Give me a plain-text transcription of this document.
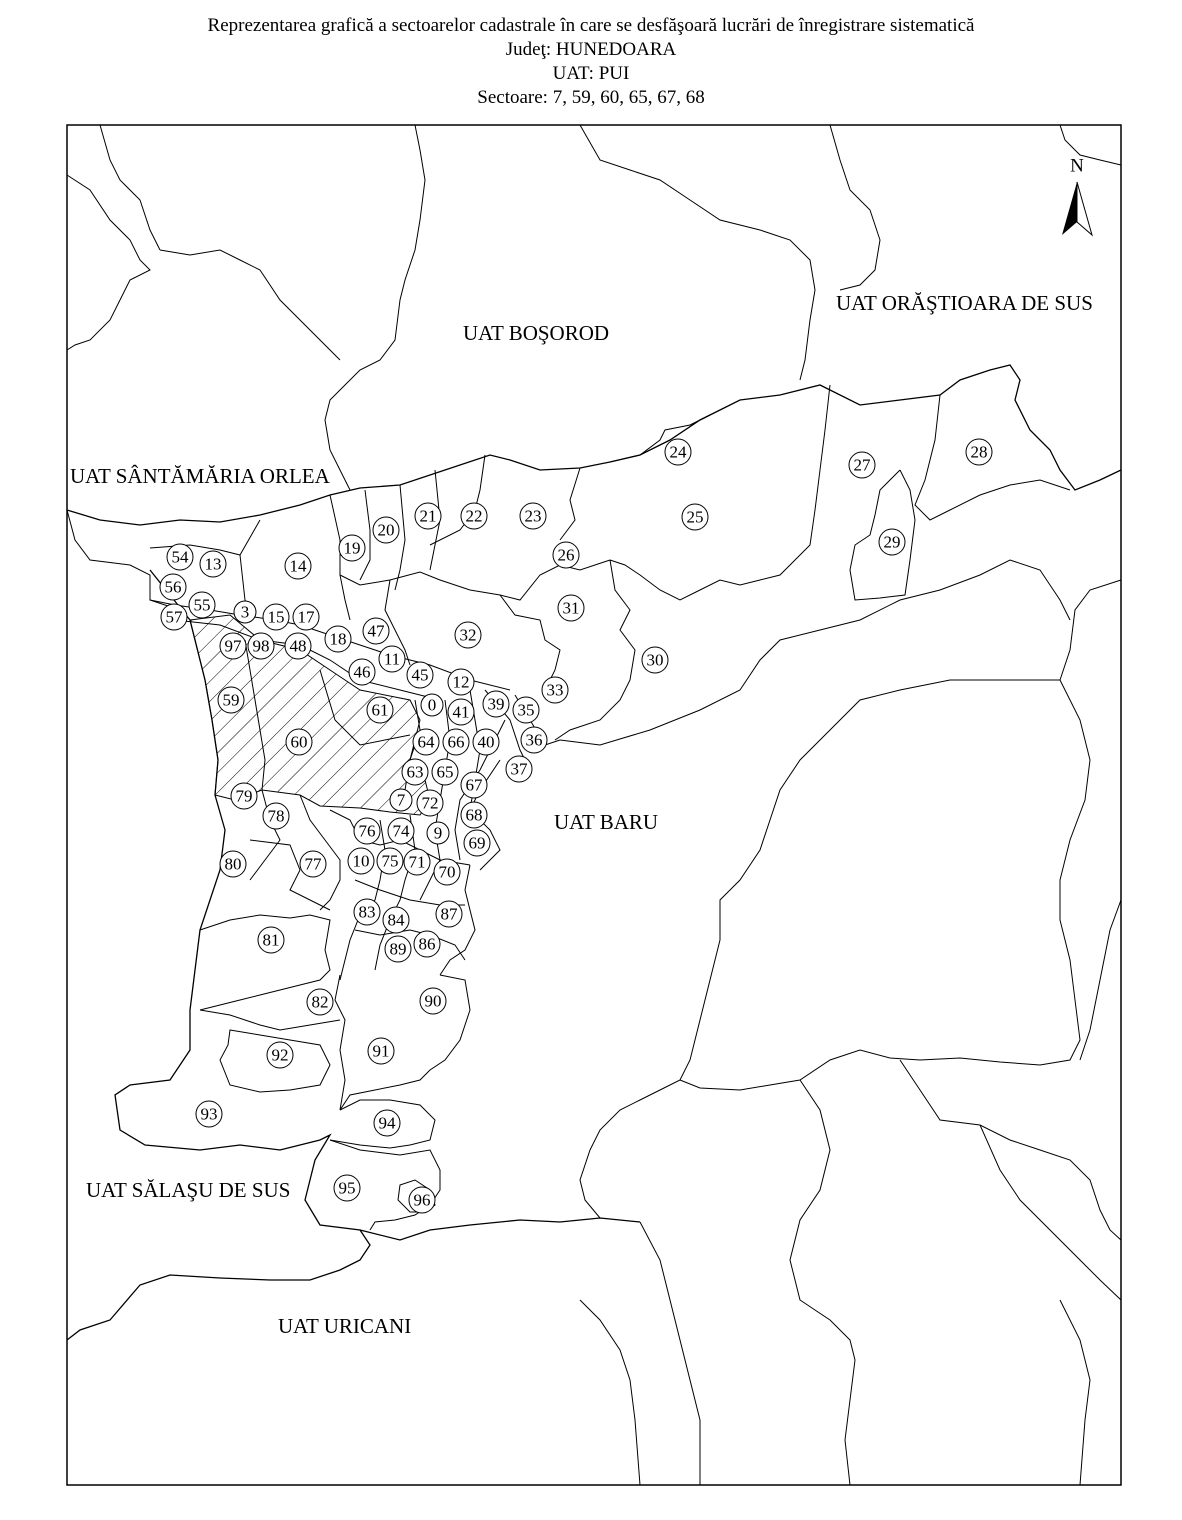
Reprezentarea grafică a sectoarelor cadastrale în care se desfăşoară lucrări de înregistrare sistematică
Judeţ: HUNEDOARA
UAT: PUI
Sectoare: 7, 59, 60, 65, 67, 68
N
UAT BOŞOROD
UAT ORĂŞTIOARA DE SUS
UAT SÂNTĂMĂRIA ORLEA
UAT BARU
UAT SĂLAŞU DE SUS
UAT URICANI
54 13	14
19
20
21 22 23
24
25
26
27
28
29
56
55
57	3 15 17
47
18
97 98 48
11
46
32
31
30
45 12	33
59
61 0 41 39 35
60	64 66 40 36
63 65	37
79
67
7 72
78	68
76 74 9
69
80	10 75 71
77	70
83 84 87
81	89 86
82	90
92	91
93	94
95
96
